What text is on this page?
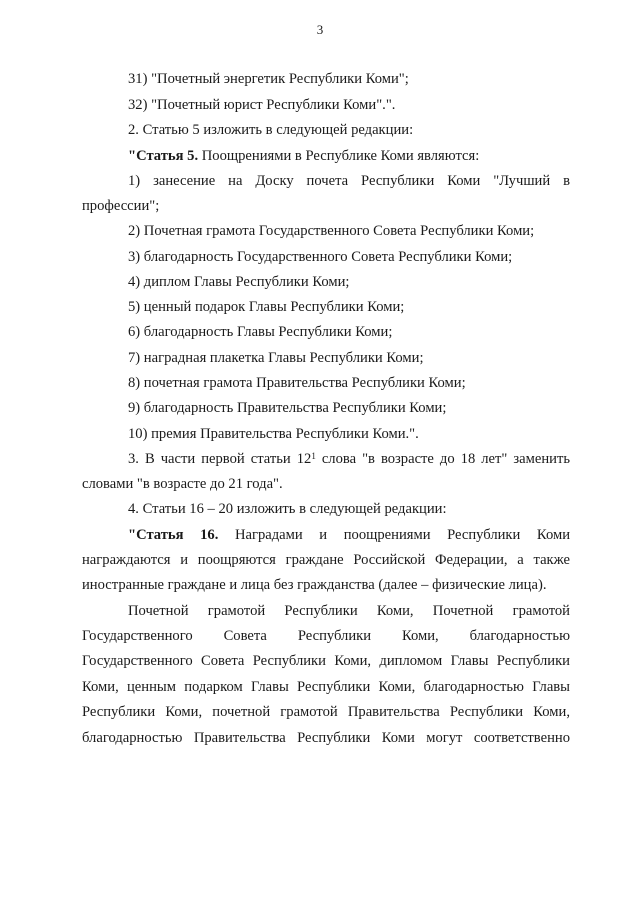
3
31) "Почетный энергетик Республики Коми";
32) "Почетный юрист Республики Коми".".
2. Статью 5 изложить в следующей редакции:
"Статья 5. Поощрениями в Республике Коми являются:
1) занесение на Доску почета Республики Коми "Лучший в
профессии";
2) Почетная грамота Государственного Совета Республики Коми;
3) благодарность Государственного Совета Республики Коми;
4) диплом Главы Республики Коми;
5) ценный подарок Главы Республики Коми;
6) благодарность Главы Республики Коми;
7) наградная плакетка Главы Республики Коми;
8) почетная грамота Правительства Республики Коми;
9) благодарность Правительства Республики Коми;
10) премия Правительства Республики Коми.".
3. В части первой статьи $12^1$ слова "в возрасте до 18 лет" заменить
словами "в возрасте до 21 года".
4. Статьи 16 – 20 изложить в следующей редакции:
"Статья 16. Наградами и поощрениями Республики Коми
награждаются и поощряются граждане Российской Федерации, а также
иностранные граждане и лица без гражданства (далее – физические лица).
Почетной грамотой Республики Коми, Почетной грамотой
Государственного Совета Республики Коми, благодарностью
Государственного Совета Республики Коми, дипломом Главы Республики
Коми, ценным подарком Главы Республики Коми, благодарностью Главы
Республики Коми, почетной грамотой Правительства Республики Коми,
благодарностью Правительства Республики Коми могут соответственно
